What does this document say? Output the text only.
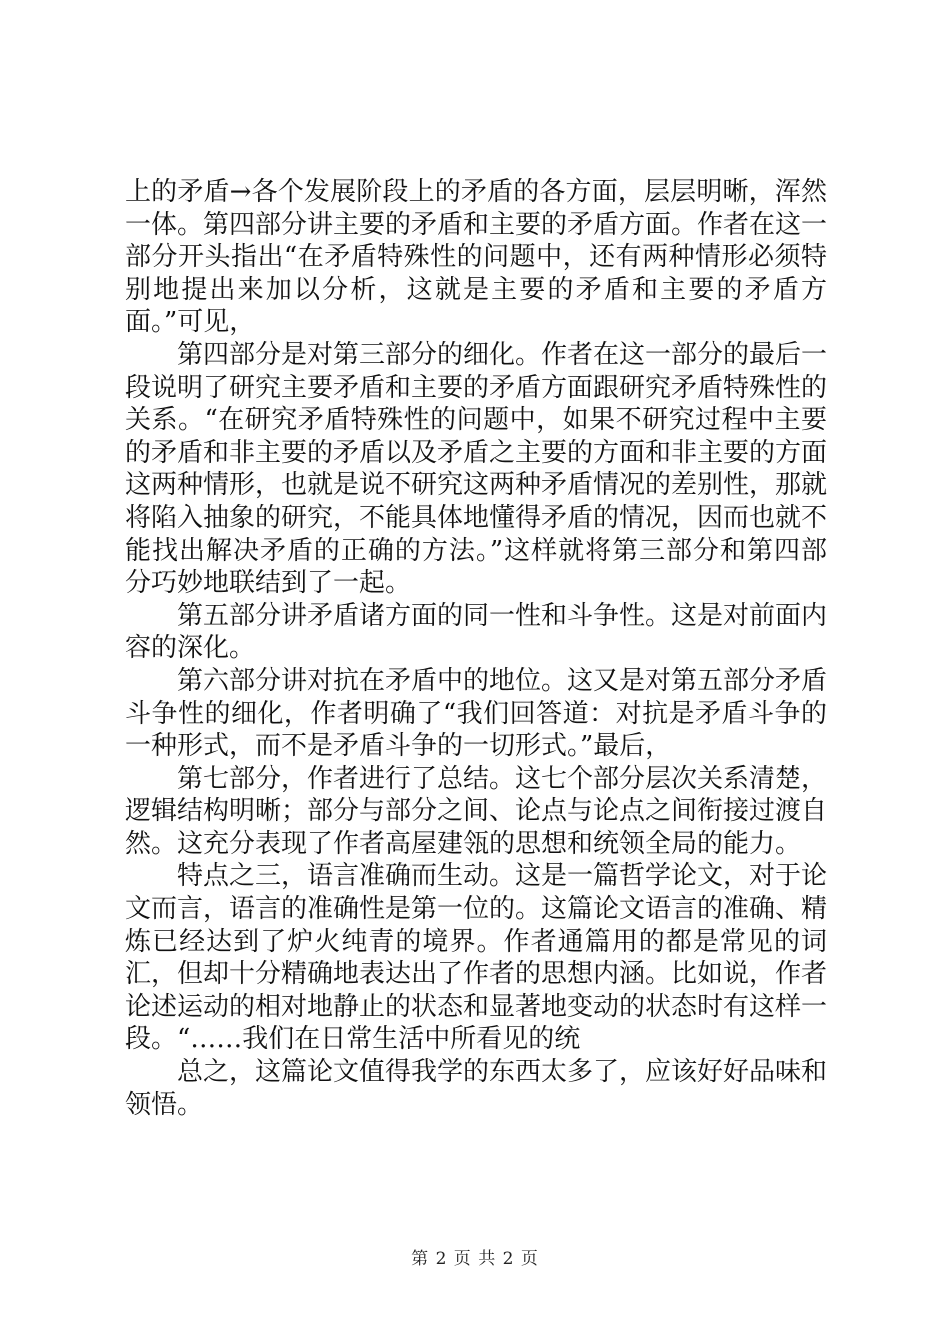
上的矛盾→各个发展阶段上的矛盾的各方面，层层明晰，浑然一体。第四部分讲主要的矛盾和主要的矛盾方面。作者在这一部分开头指出“在矛盾特殊性的问题中，还有两种情形必须特别地提出来加以分析，这就是主要的矛盾和主要的矛盾方面。”可见，

第四部分是对第三部分的细化。作者在这一部分的最后一段说明了研究主要矛盾和主要的矛盾方面跟研究矛盾特殊性的关系。“在研究矛盾特殊性的问题中，如果不研究过程中主要的矛盾和非主要的矛盾以及矛盾之主要的方面和非主要的方面这两种情形，也就是说不研究这两种矛盾情况的差别性，那就将陷入抽象的研究，不能具体地懂得矛盾的情况，因而也就不能找出解决矛盾的正确的方法。”这样就将第三部分和第四部分巧妙地联结到了一起。

第五部分讲矛盾诸方面的同一性和斗争性。这是对前面内容的深化。

第六部分讲对抗在矛盾中的地位。这又是对第五部分矛盾斗争性的细化，作者明确了“我们回答道：对抗是矛盾斗争的一种形式，而不是矛盾斗争的一切形式。”最后，

第七部分，作者进行了总结。这七个部分层次关系清楚，逻辑结构明晰；部分与部分之间、论点与论点之间衔接过渡自然。这充分表现了作者高屋建瓴的思想和统领全局的能力。

特点之三，语言准确而生动。这是一篇哲学论文，对于论文而言，语言的准确性是第一位的。这篇论文语言的准确、精炼已经达到了炉火纯青的境界。作者通篇用的都是常见的词汇，但却十分精确地表达出了作者的思想内涵。比如说，作者论述运动的相对地静止的状态和显著地变动的状态时有这样一段。“……我们在日常生活中所看见的统

总之，这篇论文值得我学的东西太多了，应该好好品味和领悟。

第 2 页 共 2 页
